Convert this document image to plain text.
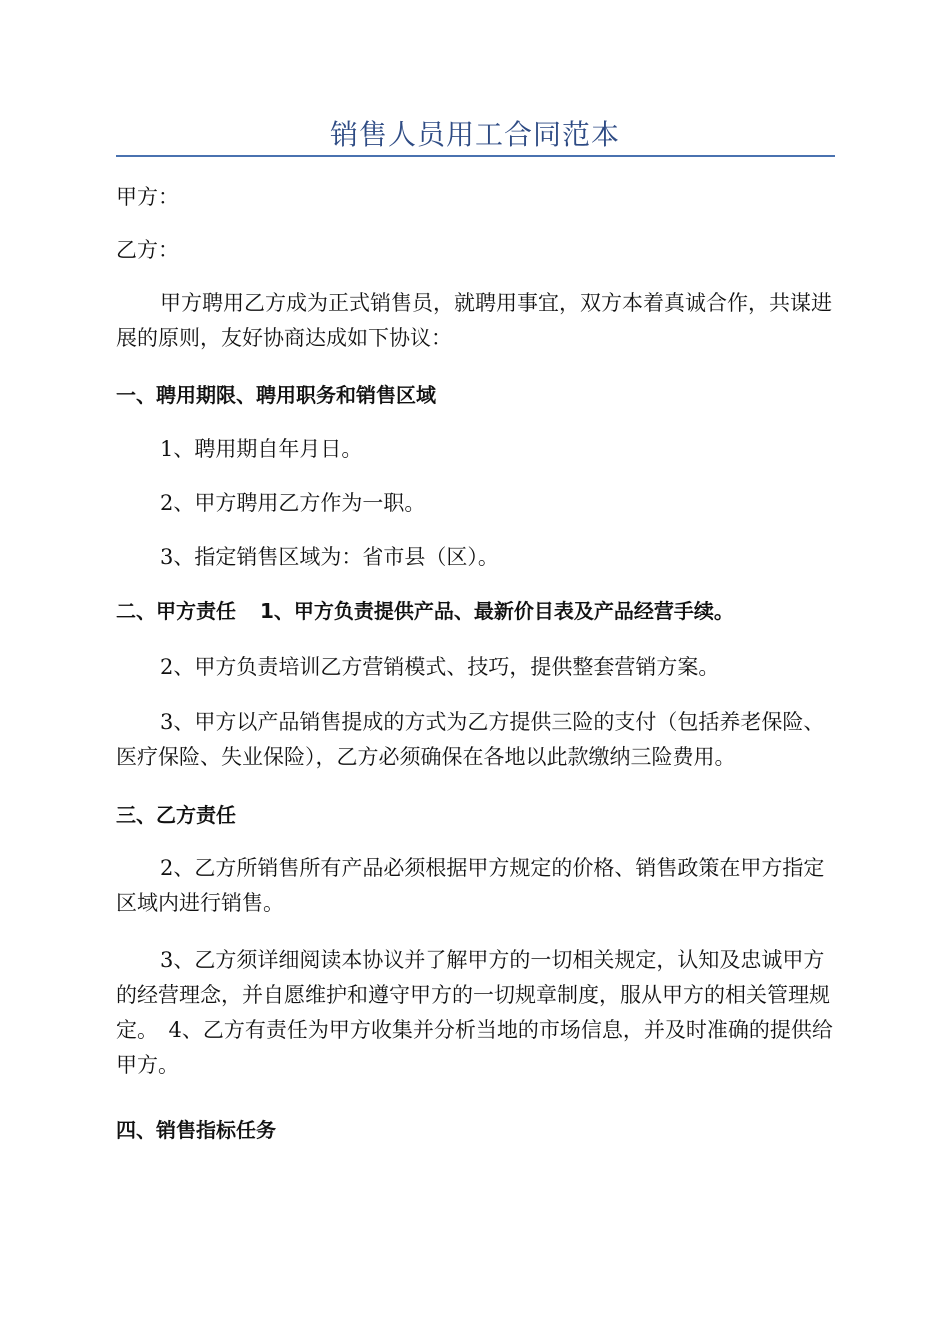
销售人员用工合同范本
甲方：
乙方：
甲方聘用乙方成为正式销售员，就聘用事宜，双方本着真诚合作，共谋进展的原则，友好协商达成如下协议：
一、聘用期限、聘用职务和销售区域
1、聘用期自年月日。
2、甲方聘用乙方作为一职。
3、指定销售区域为：省市县（区）。
二、甲方责任 1、甲方负责提供产品、最新价目表及产品经营手续。
2、甲方负责培训乙方营销模式、技巧，提供整套营销方案。
3、甲方以产品销售提成的方式为乙方提供三险的支付（包括养老保险、医疗保险、失业保险），乙方必须确保在各地以此款缴纳三险费用。
三、乙方责任
2、乙方所销售所有产品必须根据甲方规定的价格、销售政策在甲方指定区域内进行销售。
3、乙方须详细阅读本协议并了解甲方的一切相关规定，认知及忠诚甲方的经营理念，并自愿维护和遵守甲方的一切规章制度，服从甲方的相关管理规定。　4、乙方有责任为甲方收集并分析当地的市场信息，并及时准确的提供给甲方。
四、销售指标任务
